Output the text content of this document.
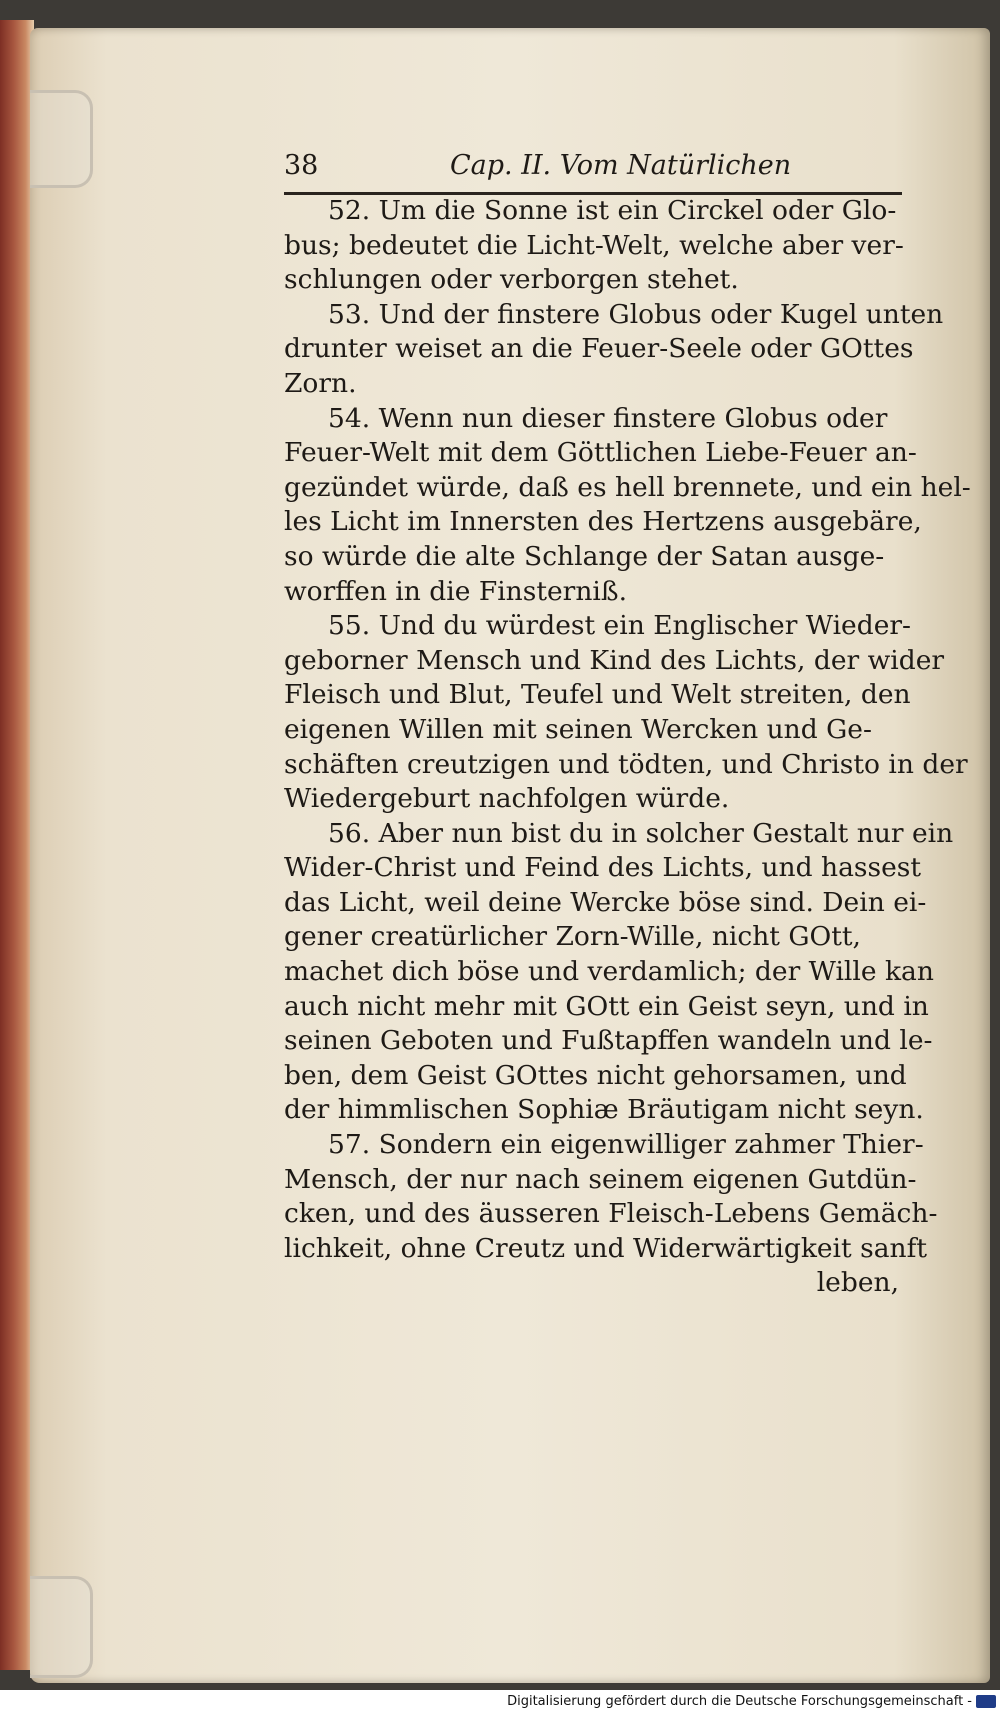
38	Cap. II. Vom Natürlichen
52. Um die Sonne ist ein Circkel oder Glo-
bus; bedeutet die Licht-Welt, welche aber ver-
schlungen oder verborgen stehet.
53. Und der finstere Globus oder Kugel unten
drunter weiset an die Feuer-Seele oder GOttes
Zorn.
54. Wenn nun dieser finstere Globus oder
Feuer-Welt mit dem Göttlichen Liebe-Feuer an-
gezündet würde, daß es hell brennete, und ein hel-
les Licht im Innersten des Hertzens ausgebäre,
so würde die alte Schlange der Satan ausge-
worffen in die Finsterniß.
55. Und du würdest ein Englischer Wieder-
geborner Mensch und Kind des Lichts, der wider
Fleisch und Blut, Teufel und Welt streiten, den
eigenen Willen mit seinen Wercken und Ge-
schäften creutzigen und tödten, und Christo in der
Wiedergeburt nachfolgen würde.
56. Aber nun bist du in solcher Gestalt nur ein
Wider-Christ und Feind des Lichts, und hassest
das Licht, weil deine Wercke böse sind. Dein ei-
gener creatürlicher Zorn-Wille, nicht GOtt,
machet dich böse und verdamlich; der Wille kan
auch nicht mehr mit GOtt ein Geist seyn, und in
seinen Geboten und Fußtapffen wandeln und le-
ben, dem Geist GOttes nicht gehorsamen, und
der himmlischen Sophiæ Bräutigam nicht seyn.
57. Sondern ein eigenwilliger zahmer Thier-
Mensch, der nur nach seinem eigenen Gutdün-
cken, und des äusseren Fleisch-Lebens Gemäch-
lichkeit, ohne Creutz und Widerwärtigkeit sanft
leben,
Digitalisierung gefördert durch die Deutsche Forschungsgemeinschaft -
